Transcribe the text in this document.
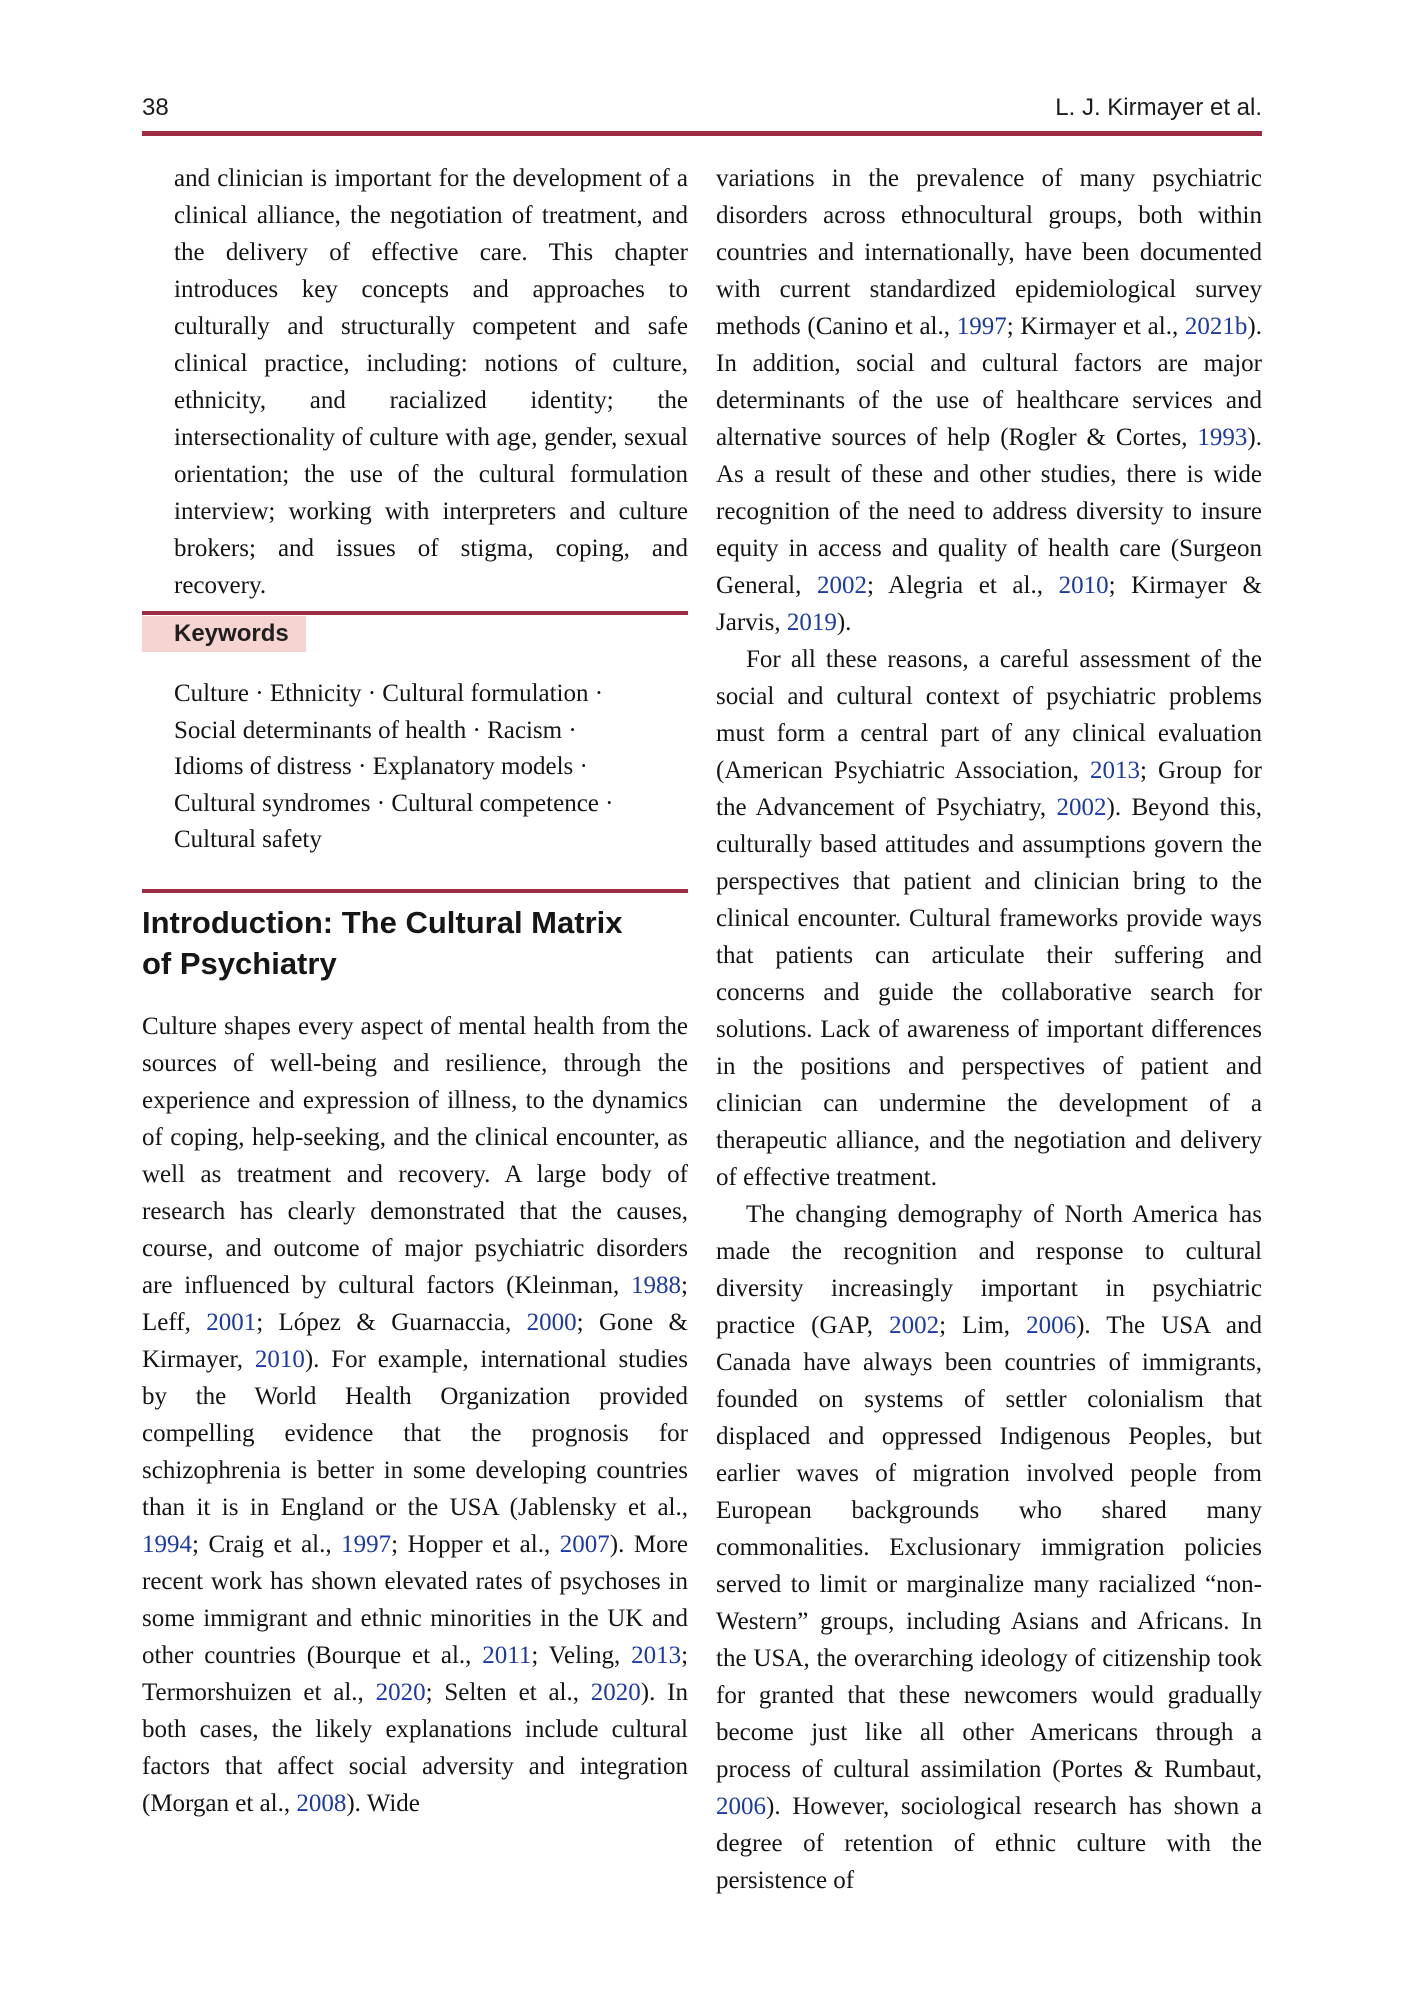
38	L. J. Kirmayer et al.
and clinician is important for the development of a clinical alliance, the negotiation of treatment, and the delivery of effective care. This chapter introduces key concepts and approaches to culturally and structurally competent and safe clinical practice, including: notions of culture, ethnicity, and racialized identity; the intersectionality of culture with age, gender, sexual orientation; the use of the cultural formulation interview; working with interpreters and culture brokers; and issues of stigma, coping, and recovery.
Keywords
Culture · Ethnicity · Cultural formulation ·
Social determinants of health · Racism ·
Idioms of distress · Explanatory models ·
Cultural syndromes · Cultural competence ·
Cultural safety
Introduction: The Cultural Matrix
of Psychiatry
Culture shapes every aspect of mental health from the sources of well-being and resilience, through the experience and expression of illness, to the dynamics of coping, help-seeking, and the clinical encounter, as well as treatment and recovery. A large body of research has clearly demonstrated that the causes, course, and outcome of major psychiatric disorders are influenced by cultural factors (Kleinman, 1988; Leff, 2001; López & Guarnaccia, 2000; Gone & Kirmayer, 2010). For example, international studies by the World Health Organization provided compelling evidence that the prognosis for schizophrenia is better in some developing countries than it is in England or the USA (Jablensky et al., 1994; Craig et al., 1997; Hopper et al., 2007). More recent work has shown elevated rates of psychoses in some immigrant and ethnic minorities in the UK and other countries (Bourque et al., 2011; Veling, 2013; Termorshuizen et al., 2020; Selten et al., 2020). In both cases, the likely explanations include cultural factors that affect social adversity and integration (Morgan et al., 2008). Wide

variations in the prevalence of many psychiatric disorders across ethnocultural groups, both within countries and internationally, have been documented with current standardized epidemiological survey methods (Canino et al., 1997; Kirmayer et al., 2021b). In addition, social and cultural factors are major determinants of the use of healthcare services and alternative sources of help (Rogler & Cortes, 1993). As a result of these and other studies, there is wide recognition of the need to address diversity to insure equity in access and quality of health care (Surgeon General, 2002; Alegria et al., 2010; Kirmayer & Jarvis, 2019).

For all these reasons, a careful assessment of the social and cultural context of psychiatric problems must form a central part of any clinical evaluation (American Psychiatric Association, 2013; Group for the Advancement of Psychiatry, 2002). Beyond this, culturally based attitudes and assumptions govern the perspectives that patient and clinician bring to the clinical encounter. Cultural frameworks provide ways that patients can articulate their suffering and concerns and guide the collaborative search for solutions. Lack of awareness of important differences in the positions and perspectives of patient and clinician can undermine the development of a therapeutic alliance, and the negotiation and delivery of effective treatment.

The changing demography of North America has made the recognition and response to cultural diversity increasingly important in psychiatric practice (GAP, 2002; Lim, 2006). The USA and Canada have always been countries of immigrants, founded on systems of settler colonialism that displaced and oppressed Indigenous Peoples, but earlier waves of migration involved people from European backgrounds who shared many commonalities. Exclusionary immigration policies served to limit or marginalize many racialized “non-Western” groups, including Asians and Africans. In the USA, the overarching ideology of citizenship took for granted that these newcomers would gradually become just like all other Americans through a process of cultural assimilation (Portes & Rumbaut, 2006). However, sociological research has shown a degree of retention of ethnic culture with the persistence of
